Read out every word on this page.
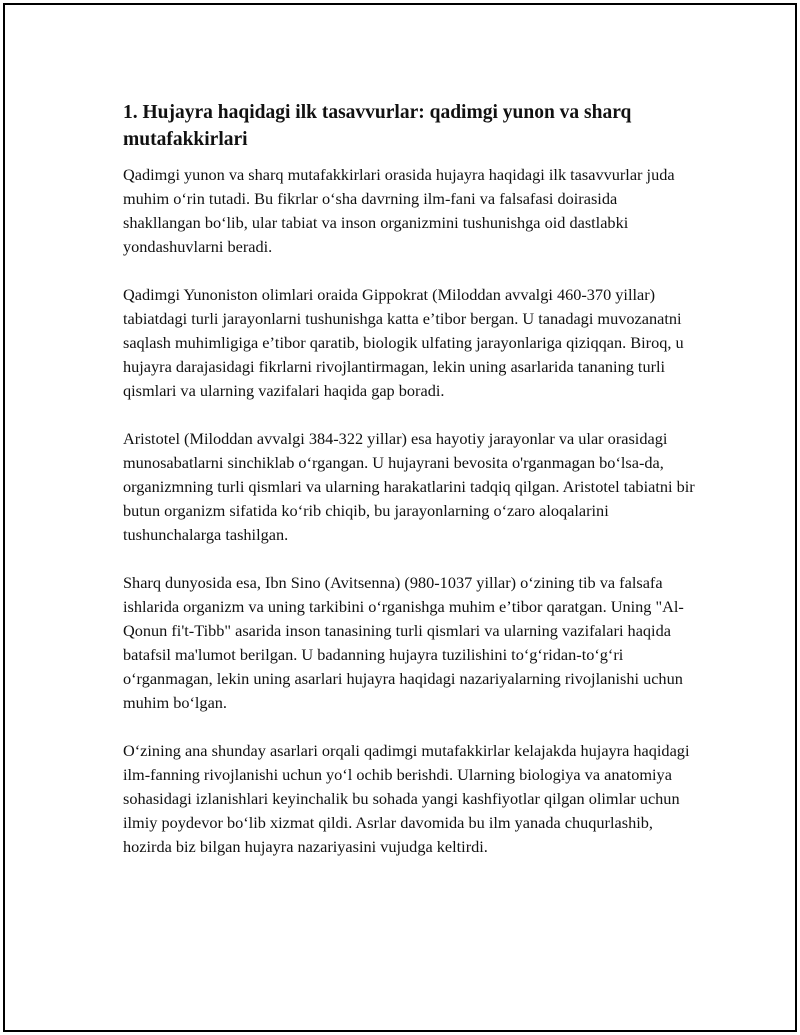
1. Hujayra haqidagi ilk tasavvurlar: qadimgi yunon va sharq mutafakkirlari

Qadimgi yunon va sharq mutafakkirlari orasida hujayra haqidagi ilk tasavvurlar juda muhim oʻrin tutadi. Bu fikrlar oʻsha davrning ilm-fani va falsafasi doirasida shakllangan boʻlib, ular tabiat va inson organizmini tushunishga oid dastlabki yondashuvlarni beradi.

Qadimgi Yunoniston olimlari oraida Gippokrat (Miloddan avvalgi 460-370 yillar) tabiatdagi turli jarayonlarni tushunishga katta eʼtibor bergan. U tanadagi muvozanatni saqlash muhimligiga eʼtibor qaratib, biologik ulfating jarayonlariga qiziqqan. Biroq, u hujayra darajasidagi fikrlarni rivojlantirmagan, lekin uning asarlarida tananing turli qismlari va ularning vazifalari haqida gap boradi.

Aristotel (Miloddan avvalgi 384-322 yillar) esa hayotiy jarayonlar va ular orasidagi munosabatlarni sinchiklab oʻrgangan. U hujayrani bevosita o'rganmagan boʻlsa-da, organizmning turli qismlari va ularning harakatlarini tadqiq qilgan. Aristotel tabiatni bir butun organizm sifatida koʻrib chiqib, bu jarayonlarning oʻzaro aloqalarini tushunchalarga tashilgan.

Sharq dunyosida esa, Ibn Sino (Avitsenna) (980-1037 yillar) oʻzining tib va falsafa ishlarida organizm va uning tarkibini oʻrganishga muhim eʼtibor qaratgan. Uning "Al-Qonun fi't-Tibb" asarida inson tanasining turli qismlari va ularning vazifalari haqida batafsil ma'lumot berilgan. U badanning hujayra tuzilishini toʻgʻridan-toʻgʻri oʻrganmagan, lekin uning asarlari hujayra haqidagi nazariyalarning rivojlanishi uchun muhim boʻlgan.

Oʻzining ana shunday asarlari orqali qadimgi mutafakkirlar kelajakda hujayra haqidagi ilm-fanning rivojlanishi uchun yoʻl ochib berishdi. Ularning biologiya va anatomiya sohasidagi izlanishlari keyinchalik bu sohada yangi kashfiyotlar qilgan olimlar uchun ilmiy poydevor boʻlib xizmat qildi. Asrlar davomida bu ilm yanada chuqurlashib, hozirda biz bilgan hujayra nazariyasini vujudga keltirdi.
